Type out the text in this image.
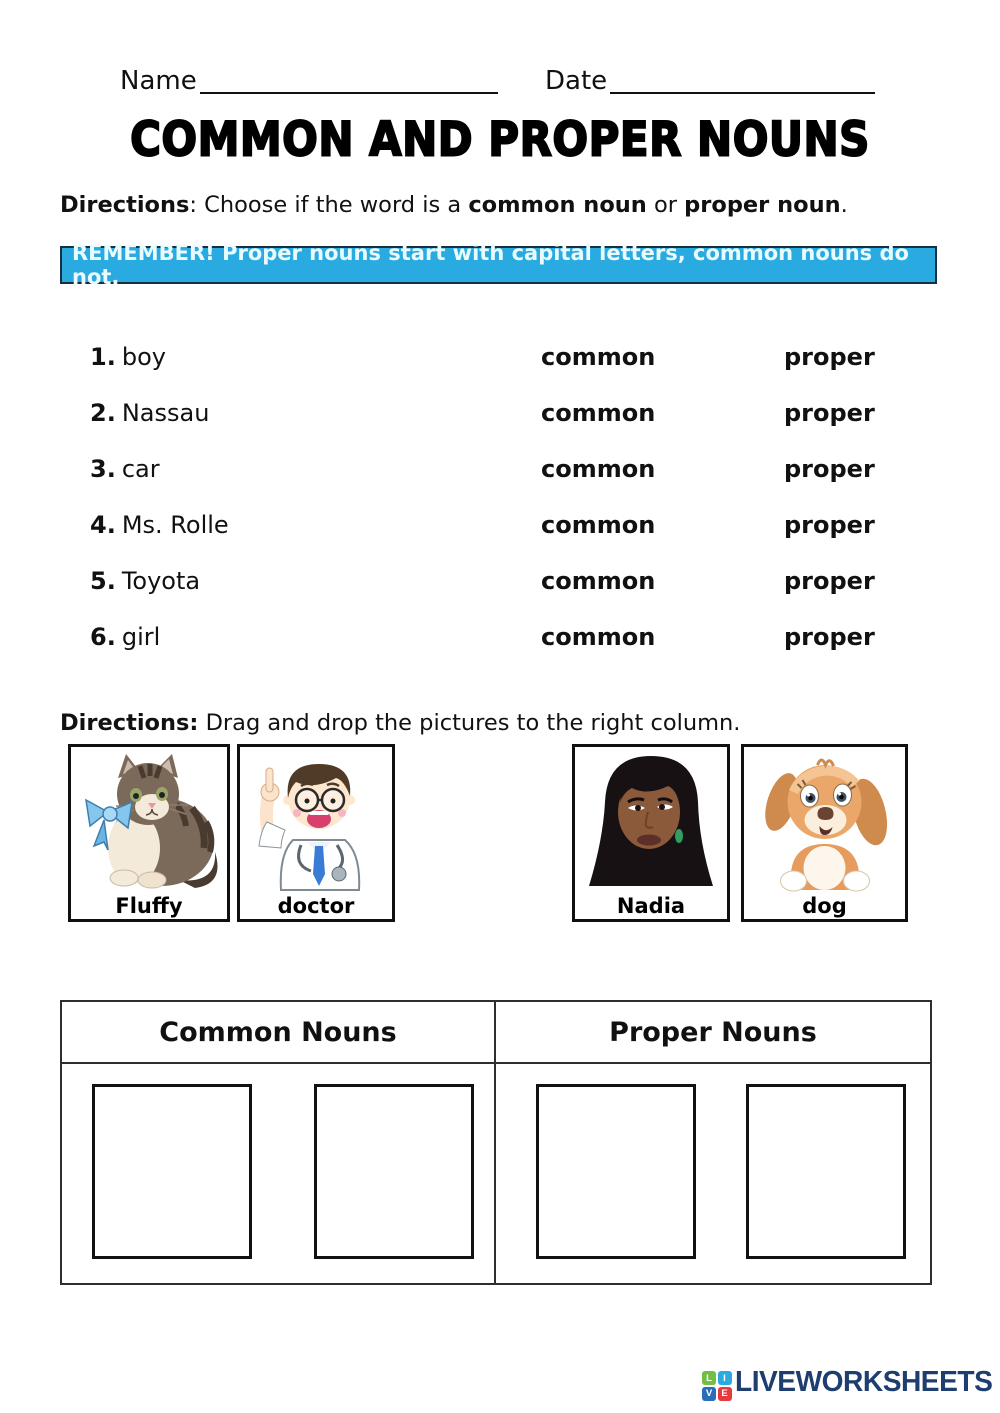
Name	Date
COMMON AND PROPER NOUNS
Directions: Choose if the word is a common noun or proper noun.
REMEMBER! Proper nouns start with capital letters, common nouns do not.
1. boy	common	proper
2. Nassau	common	proper
3. car	common	proper
4. Ms. Rolle	common	proper
5. Toyota	common	proper
6. girl	common	proper
Directions: Drag and drop the pictures to the right column.
Fluffy	doctor	Nadia	dog
Common Nouns	Proper Nouns
L	I
V E LIVEWORKSHEETS
